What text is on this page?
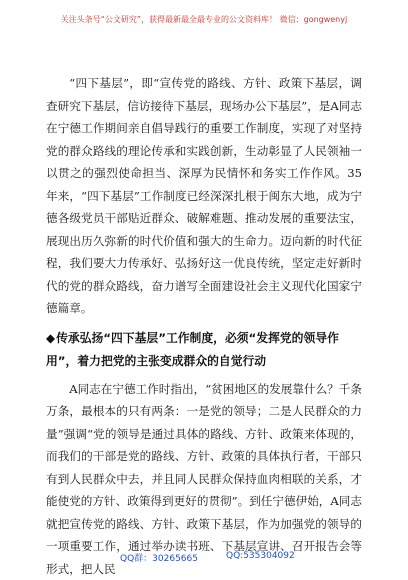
关注头条号“公文研究”，获得最新最全最专业的公文资料库！ 微信：gongwenyj

“四下基层”，即“宣传党的路线、方针、政策下基层，调查研究下基层，信访接待下基层，现场办公下基层”，是A同志在宁德工作期间亲自倡导践行的重要工作制度，实现了对坚持党的群众路线的理论传承和实践创新，生动彰显了人民领袖一以贯之的强烈使命担当、深厚为民情怀和务实工作作风。35年来，“四下基层”工作制度已经深深扎根于闽东大地，成为宁德各级党员干部贴近群众、破解难题、推动发展的重要法宝，展现出历久弥新的时代价值和强大的生命力。迈向新的时代征程，我们要大力传承好、弘扬好这一优良传统，坚定走好新时代的党的群众路线，奋力谱写全面建设社会主义现代化国家宁德篇章。

◆传承弘扬“四下基层”工作制度，必须“发挥党的领导作用”，着力把党的主张变成群众的自觉行动

A同志在宁德工作时指出，“贫困地区的发展靠什么？千条万条，最根本的只有两条：一是党的领导；二是人民群众的力量”强调“党的领导是通过具体的路线、方针、政策来体现的，而我们的干部是党的路线、方针、政策的具体执行者，干部只有到人民群众中去，并且同人民群众保持血肉相联的关系，才能使党的方针、政策得到更好的贯彻”。到任宁德伊始，A同志就把宣传党的路线、方针、政策下基层，作为加强党的领导的一项重要工作，通过举办读书班、下基层宣讲、召开报告会等形式，把人民

QQ群：30265665	QQ:535304092
